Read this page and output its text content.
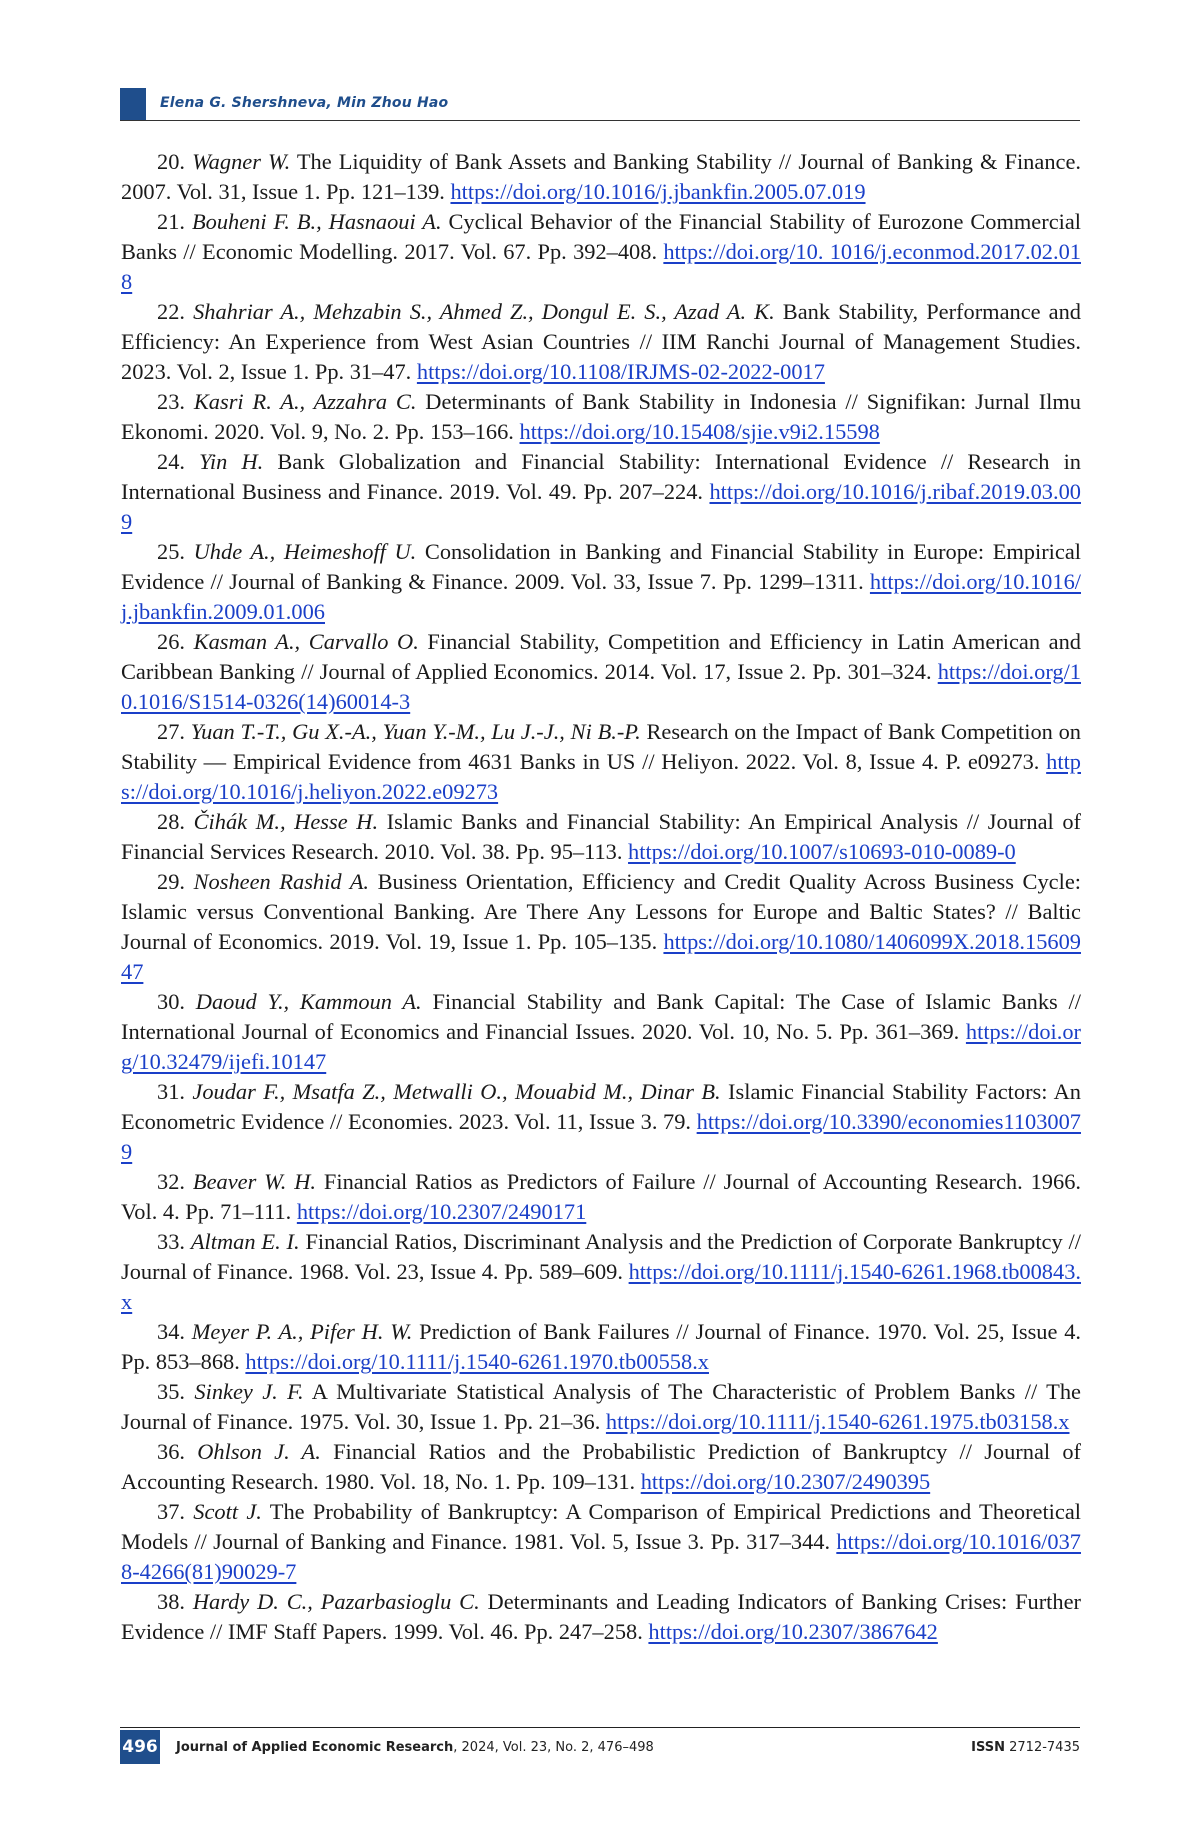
Elena G. Shershneva, Min Zhou Hao

20. Wagner W. The Liquidity of Bank Assets and Banking Stability // Journal of Banking & Finance. 2007. Vol. 31, Issue 1. Pp. 121–139. https://doi.org/10.1016/j.jbankfin.2005.07.019

21. Bouheni F. B., Hasnaoui A. Cyclical Behavior of the Financial Stability of Eurozone Commercial Banks // Economic Modelling. 2017. Vol. 67. Pp. 392–408. https://doi.org/10. 1016/j.econmod.2017.02.018

22. Shahriar A., Mehzabin S., Ahmed Z., Dongul E. S., Azad A. K. Bank Stability, Performance and Efficiency: An Experience from West Asian Countries // IIM Ranchi Journal of Management Studies. 2023. Vol. 2, Issue 1. Pp. 31–47. https://doi.org/10.1108/IRJMS-02-2022-0017

23. Kasri R. A., Azzahra C. Determinants of Bank Stability in Indonesia // Signifikan: Jurnal Ilmu Ekonomi. 2020. Vol. 9, No. 2. Pp. 153–166. https://doi.org/10.15408/sjie.v9i2.15598

24. Yin H. Bank Globalization and Financial Stability: International Evidence // Research in International Business and Finance. 2019. Vol. 49. Pp. 207–224. https://doi.org/10.1016/j.ribaf.2019.03.009

25. Uhde A., Heimeshoff U. Consolidation in Banking and Financial Stability in Europe: Empirical Evidence // Journal of Banking & Finance. 2009. Vol. 33, Issue 7. Pp. 1299–1311. https://doi.org/10.1016/j.jbankfin.2009.01.006

26. Kasman A., Carvallo O. Financial Stability, Competition and Efficiency in Latin American and Caribbean Banking // Journal of Applied Economics. 2014. Vol. 17, Issue 2. Pp. 301–324. https://doi.org/10.1016/S1514-0326(14)60014-3

27. Yuan T.-T., Gu X.-A., Yuan Y.-M., Lu J.-J., Ni B.-P. Research on the Impact of Bank Competition on Stability — Empirical Evidence from 4631 Banks in US // Heliyon. 2022. Vol. 8, Issue 4. P. e09273. https://doi.org/10.1016/j.heliyon.2022.e09273

28. Čihák M., Hesse H. Islamic Banks and Financial Stability: An Empirical Analysis // Journal of Financial Services Research. 2010. Vol. 38. Pp. 95–113. https://doi.org/10.1007/s10693-010-0089-0

29. Nosheen Rashid A. Business Orientation, Efficiency and Credit Quality Across Business Cycle: Islamic versus Conventional Banking. Are There Any Lessons for Europe and Baltic States? // Baltic Journal of Economics. 2019. Vol. 19, Issue 1. Pp. 105–135. https://doi.org/10.1080/1406099X.2018.1560947

30. Daoud Y., Kammoun A. Financial Stability and Bank Capital: The Case of Islamic Banks // International Journal of Economics and Financial Issues. 2020. Vol. 10, No. 5. Pp. 361–369. https://doi.org/10.32479/ijefi.10147

31. Joudar F., Msatfa Z., Metwalli O., Mouabid M., Dinar B. Islamic Financial Stability Factors: An Econometric Evidence // Economies. 2023. Vol. 11, Issue 3. 79. https://doi.org/10.3390/economies11030079

32. Beaver W. H. Financial Ratios as Predictors of Failure // Journal of Accounting Research. 1966. Vol. 4. Pp. 71–111. https://doi.org/10.2307/2490171

33. Altman E. I. Financial Ratios, Discriminant Analysis and the Prediction of Corporate Bankruptcy // Journal of Finance. 1968. Vol. 23, Issue 4. Pp. 589–609. https://doi.org/10.1111/j.1540-6261.1968.tb00843.x

34. Meyer P. A., Pifer H. W. Prediction of Bank Failures // Journal of Finance. 1970. Vol. 25, Issue 4. Pp. 853–868. https://doi.org/10.1111/j.1540-6261.1970.tb00558.x

35. Sinkey J. F. A Multivariate Statistical Analysis of The Characteristic of Problem Banks // The Journal of Finance. 1975. Vol. 30, Issue 1. Pp. 21–36. https://doi.org/10.1111/j.1540-6261.1975.tb03158.x

36. Ohlson J. A. Financial Ratios and the Probabilistic Prediction of Bankruptcy // Journal of Accounting Research. 1980. Vol. 18, No. 1. Pp. 109–131. https://doi.org/10.2307/2490395

37. Scott J. The Probability of Bankruptcy: A Comparison of Empirical Predictions and Theoretical Models // Journal of Banking and Finance. 1981. Vol. 5, Issue 3. Pp. 317–344. https://doi.org/10.1016/0378-4266(81)90029-7

38. Hardy D. C., Pazarbasioglu C. Determinants and Leading Indicators of Banking Crises: Further Evidence // IMF Staff Papers. 1999. Vol. 46. Pp. 247–258. https://doi.org/10.2307/3867642

496 Journal of Applied Economic Research, 2024, Vol. 23, No. 2, 476–498	ISSN 2712-7435
